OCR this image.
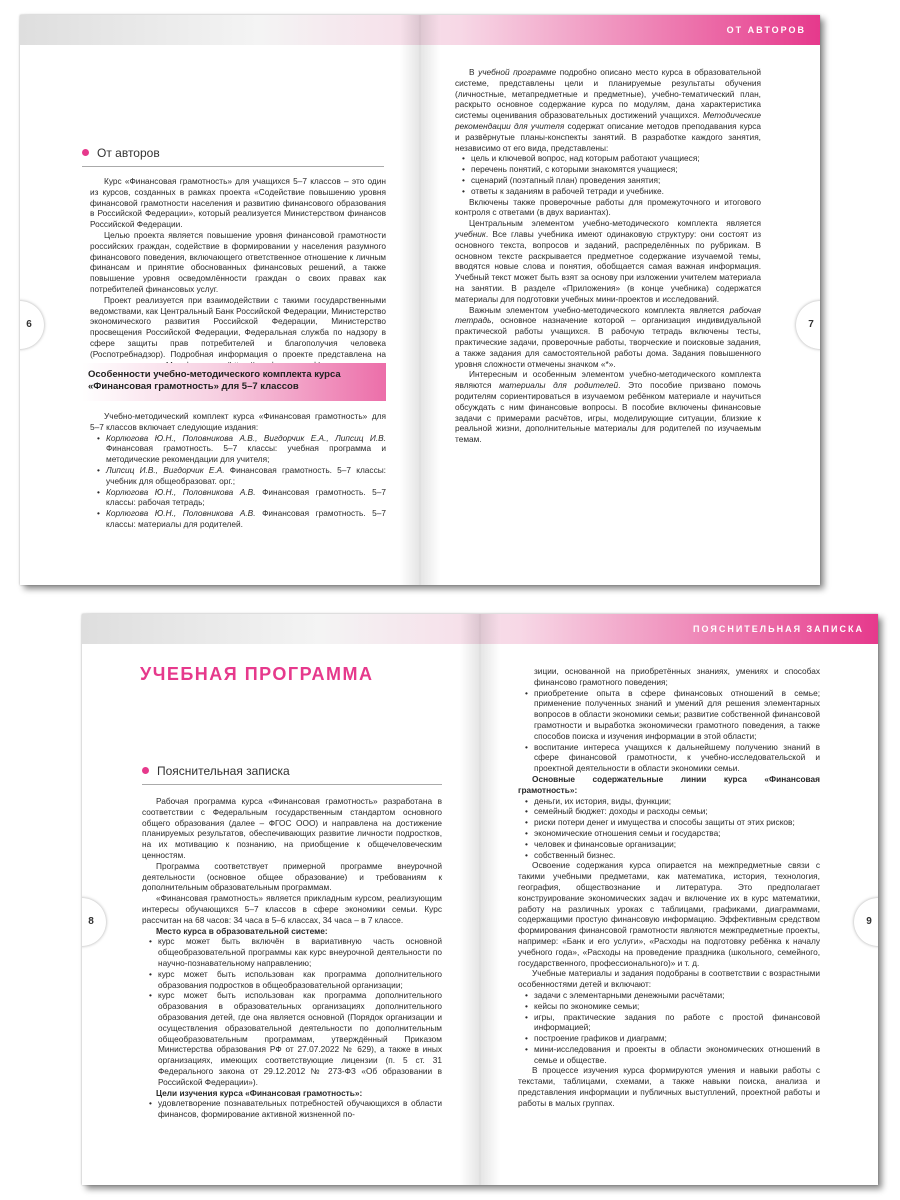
ОТ АВТОРОВ
6	7
От авторов

Курс «Финансовая грамотность» для учащихся 5–7 классов – это один из курсов, созданных в рамках проекта «Содействие повышению уровня финансовой грамотности населения и развитию финансового образования в Российской Федерации», который реализуется Министерством финансов Российской Федерации.

Целью проекта является повышение уровня финансовой грамотности российских граждан, содействие в формировании у населения разумного финансового поведения, включающего ответственное отношение к личным финансам и принятие обоснованных финансовых решений, а также повышение уровня осведомлённости граждан о своих правах как потребителей финансовых услуг.

Проект реализуется при взаимодействии с такими государственными ведомствами, как Центральный Банк Российской Федерации, Министерство экономического развития Российской Федерации, Министерство просвещения Российской Федерации, Федеральная служба по надзору в сфере защиты прав потребителей и благополучия человека (Роспотребнадзор). Подробная информация о проекте представлена на

Особенности учебно-методического комплекта курса «Финансовая грамотность» для 5–7 классов

Учебно-методический комплект курса «Финансовая грамотность» для 5–7 классов включает следующие издания:

• Корлюгова Ю.Н., Половникова А.В., Вигдорчик Е.А., Липсиц И.В. Финансовая грамотность. 5–7 классы: учебная программа и методические рекомендации для учителя;
• Липсиц И.В., Вигдорчик Е.А. Финансовая грамотность. 5–7 классы: учебник для общеобразоват. орг.;
• Корлюгова Ю.Н., Половникова А.В. Финансовая грамотность. 5–7 классы: рабочая тетрадь;
• Корлюгова Ю.Н., Половникова А.В. Финансовая грамотность. 5–7 классы: материалы для родителей.

В учебной программе подробно описано место курса в образовательной системе, представлены цели и планируемые результаты обучения (личностные, метапредметные и предметные), учебно-тематический план, раскрыто основное содержание курса по модулям, дана характеристика системы оценивания образовательных достижений учащихся. Методические рекомендации для учителя содержат описание методов преподавания курса и развёрнутые планы-конспекты занятий. В разработке каждого занятия, независимо от его вида, представлены:

• цель и ключевой вопрос, над которым работают учащиеся;
• перечень понятий, с которыми знакомятся учащиеся;
• сценарий (поэтапный план) проведения занятия;
• ответы к заданиям в рабочей тетради и учебнике.

Включены также проверочные работы для промежуточного и итогового контроля с ответами (в двух вариантах).

Центральным элементом учебно-методического комплекта является учебник. Все главы учебника имеют одинаковую структуру: они состоят из основного текста, вопросов и заданий, распределённых по рубрикам. В основном тексте раскрывается предметное содержание изучаемой темы, вводятся новые слова и понятия, обобщается самая важная информация. Учебный текст может быть взят за основу при изложении учителем материала на занятии. В разделе «Приложения» (в конце учебника) содержатся материалы для подготовки учебных мини-проектов и исследований.

Важным элементом учебно-методического комплекта является рабочая тетрадь, основное назначение которой – организация индивидуальной практической работы учащихся. В рабочую тетрадь включены тесты, практические задачи, проверочные работы, творческие и поисковые задания, а также задания для самостоятельной работы дома. Задания повышенного уровня сложности отмечены значком «*».

Интересным и особенным элементом учебно-методического комплекта являются материалы для родителей. Это пособие призвано помочь родителям сориентироваться в изучаемом ребёнком материале и научиться обсуждать с ним финансовые вопросы. В пособие включены финансовые задачи с примерами расчётов, игры, моделирующие ситуации, близкие к реальной жизни, дополнительные материалы для родителей по изучаемым темам.

ПОЯСНИТЕЛЬНАЯ ЗАПИСКА
8	9
УЧЕБНАЯ ПРОГРАММА
Пояснительная записка

Рабочая программа курса «Финансовая грамотность» разработана в соответствии с Федеральным государственным стандартом основного общего образования (далее – ФГОС ООО) и направлена на достижение планируемых результатов, обеспечивающих развитие личности подростков, на их мотивацию к познанию, на приобщение к общечеловеческим ценностям.

Программа соответствует примерной программе внеурочной деятельности (основное общее образование) и требованиям к дополнительным образовательным программам.

«Финансовая грамотность» является прикладным курсом, реализующим интересы обучающихся 5–7 классов в сфере экономики семьи. Курс рассчитан на 68 часов: 34 часа в 5–6 классах, 34 часа – в 7 классе.

Место курса в образовательной системе:

• курс может быть включён в вариативную часть основной общеобразовательной программы как курс внеурочной деятельности по научно-познавательному направлению;
• курс может быть использован как программа дополнительного образования подростков в общеобразовательной организации;
• курс может быть использован как программа дополнительного образования в образовательных организациях дополнительного образования детей, где она является основной (Порядок организации и осуществления образовательной деятельности по дополнительным общеобразовательным программам, утверждённый Приказом Министерства образования РФ от 27.07.2022 № 629), а также в иных организациях, имеющих соответствующие лицензии (п. 5 ст. 31 Федерального закона от 29.12.2012 № 273-ФЗ «Об образовании в Российской Федерации»).

Цели изучения курса «Финансовая грамотность»:

• удовлетворение познавательных потребностей обучающихся в области финансов, формирование активной жизненной по-

зиции, основанной на приобретённых знаниях, умениях и способах финансово грамотного поведения;

• приобретение опыта в сфере финансовых отношений в семье; применение полученных знаний и умений для решения элементарных вопросов в области экономики семьи; развитие собственной финансовой грамотности и выработка экономически грамотного поведения, а также способов поиска и изучения информации в этой области;
• воспитание интереса учащихся к дальнейшему получению знаний в сфере финансовой грамотности, к учебно-исследовательской и проектной деятельности в области экономики семьи.

Основные содержательные линии курса «Финансовая грамотность»:

• деньги, их история, виды, функции;
• семейный бюджет: доходы и расходы семьи;
• риски потери денег и имущества и способы защиты от этих рисков;
• экономические отношения семьи и государства;
• человек и финансовые организации;
• собственный бизнес.

Освоение содержания курса опирается на межпредметные связи с такими учебными предметами, как математика, история, технология, география, обществознание и литература. Это предполагает конструирование экономических задач и включение их в курс математики, работу на различных уроках с таблицами, графиками, диаграммами, содержащими простую финансовую информацию. Эффективным средством формирования финансовой грамотности являются межпредметные проекты, например: «Банк и его услуги», «Расходы на подготовку ребёнка к началу учебного года», «Расходы на проведение праздника (школьного, семейного, государственного, профессионального)» и т. д.

Учебные материалы и задания подобраны в соответствии с возрастными особенностями детей и включают:

• задачи с элементарными денежными расчётами;
• кейсы по экономике семьи;
• игры, практические задания по работе с простой финансовой информацией;
• построение графиков и диаграмм;
• мини-исследования и проекты в области экономических отношений в семье и обществе.

В процессе изучения курса формируются умения и навыки работы с текстами, таблицами, схемами, а также навыки поиска, анализа и представления информации и публичных выступлений, проектной работы и работы в малых группах.
